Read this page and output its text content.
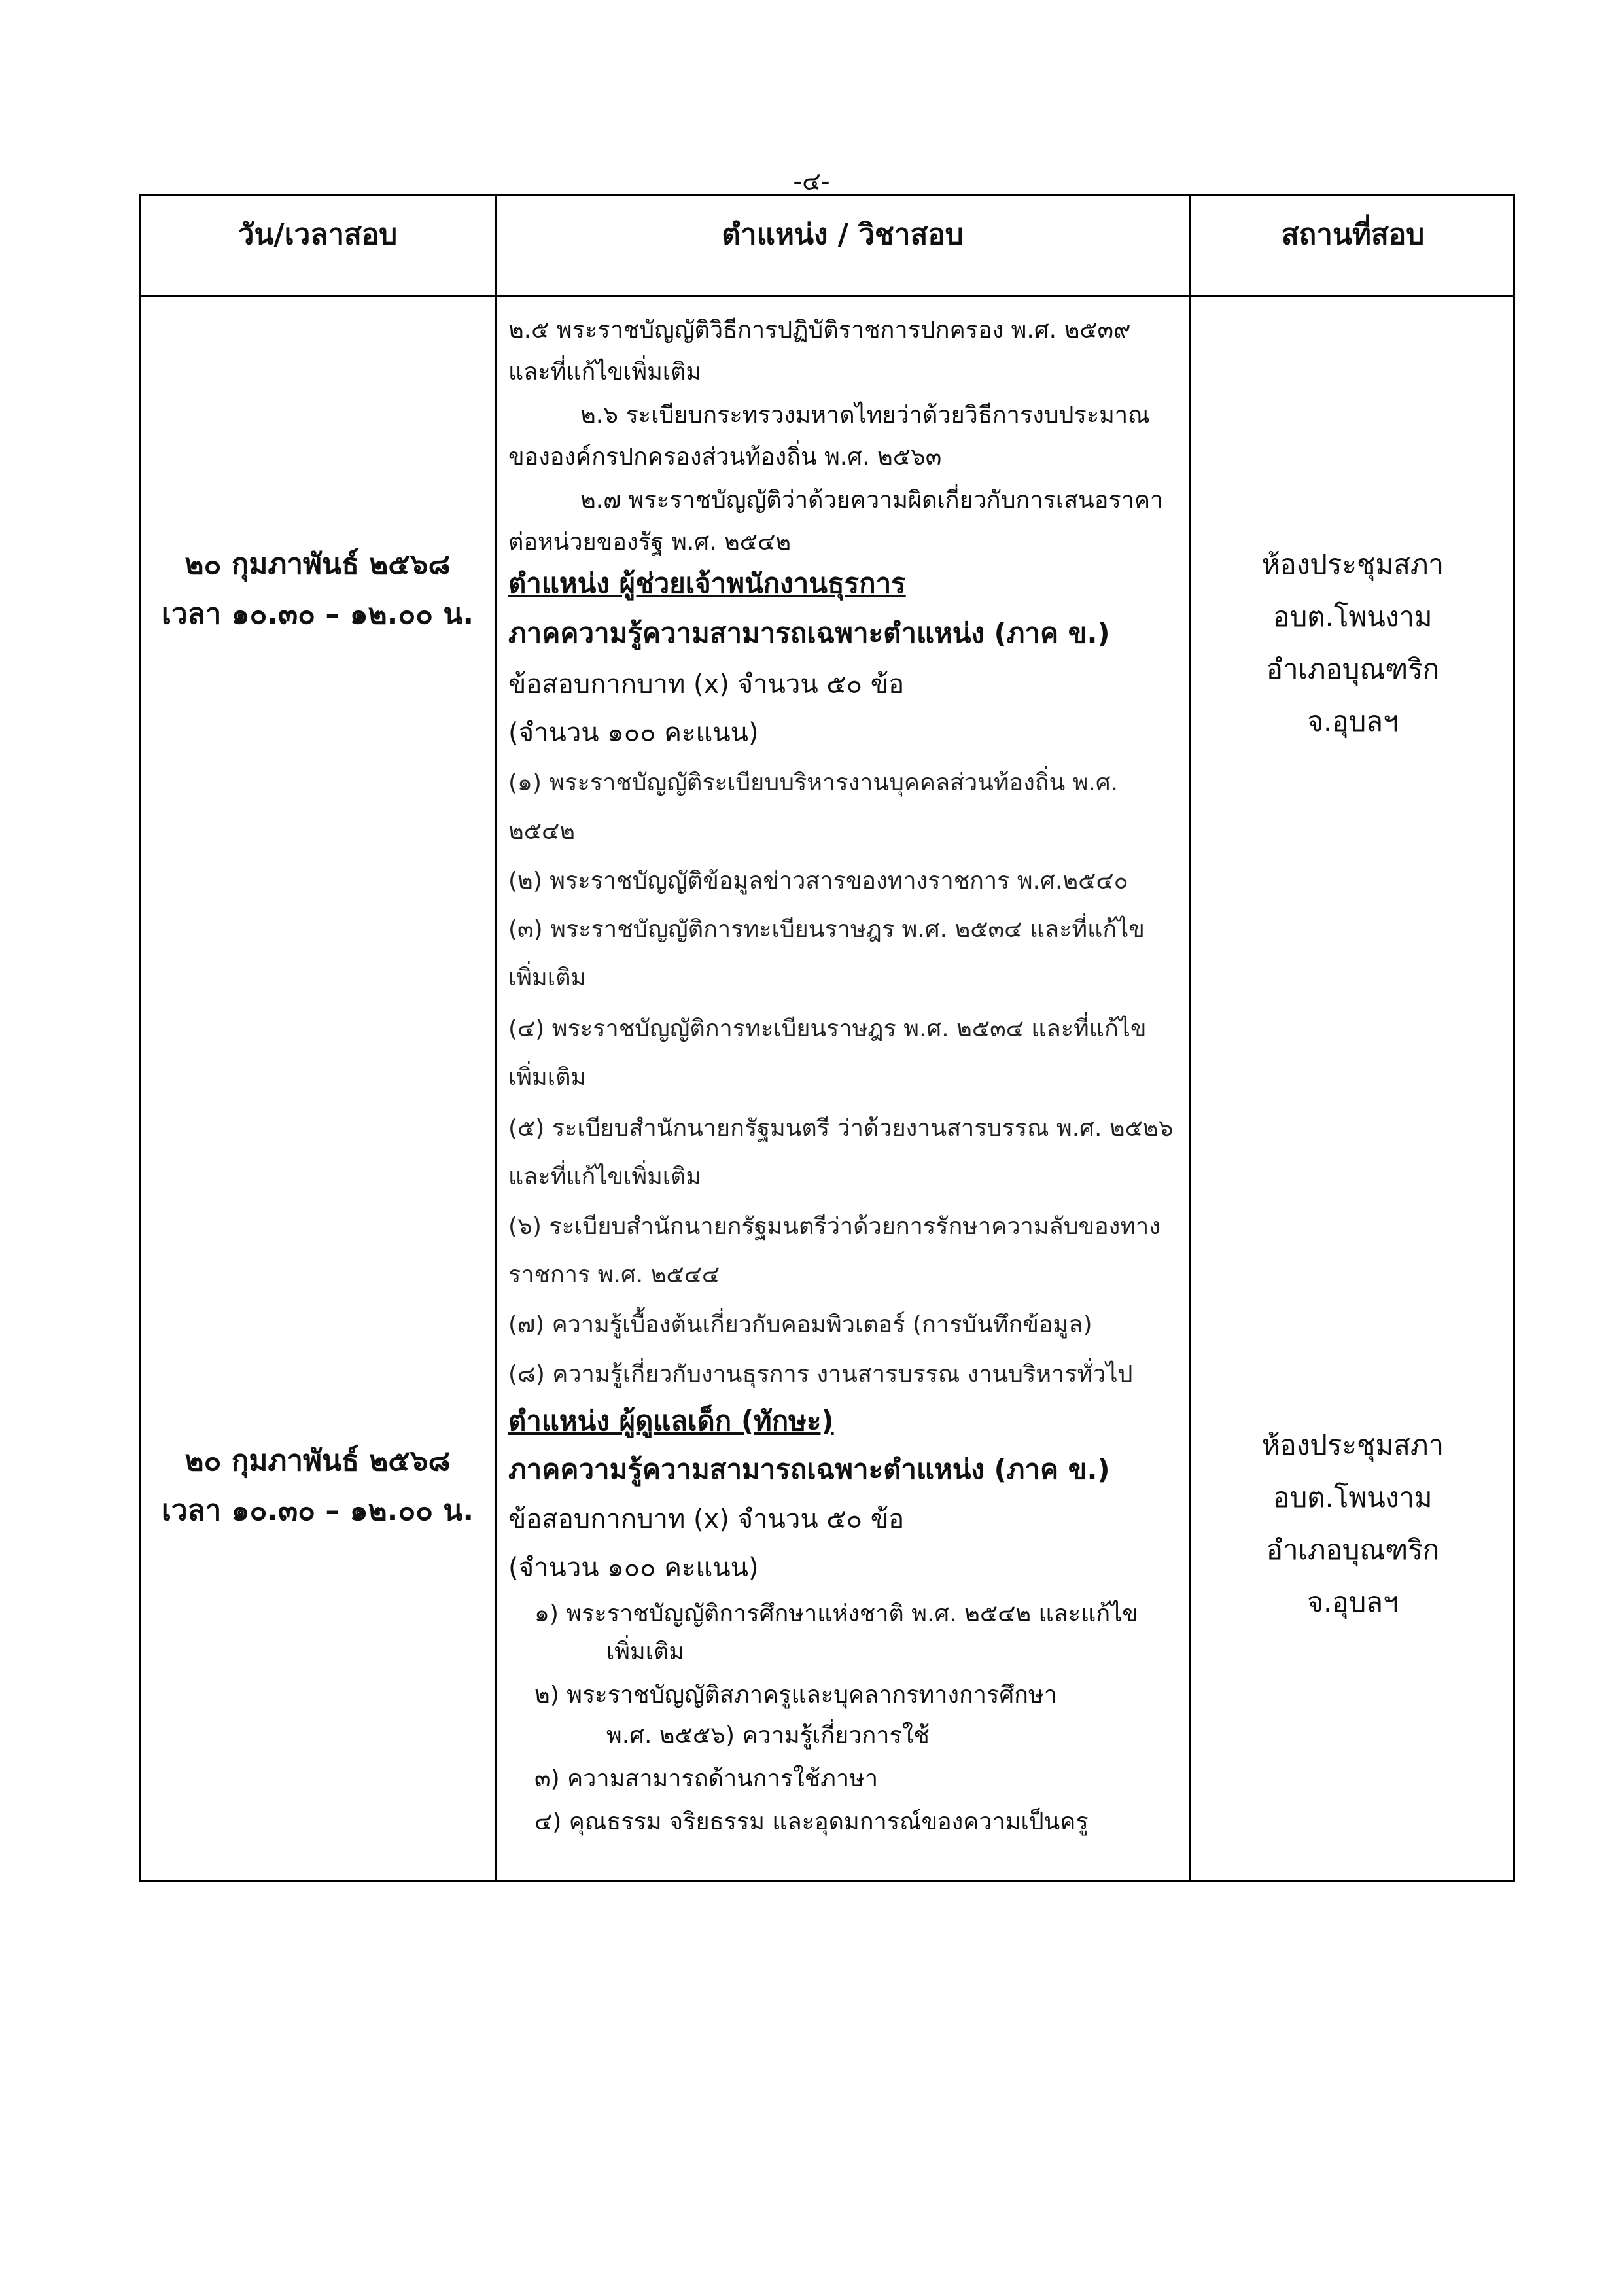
-๔-
วัน/เวลาสอบ	ตำแหน่ง / วิชาสอบ	สถานที่สอบ
๒๐ กุมภาพันธ์ ๒๕๖๘
เวลา ๑๐.๓๐ – ๑๒.๐๐ น.
ห้องประชุมสภา
อบต.โพนงาม
อำเภอบุณฑริก
จ.อุบลฯ
๒๐ กุมภาพันธ์ ๒๕๖๘
เวลา ๑๐.๓๐ – ๑๒.๐๐ น.
ห้องประชุมสภา
อบต.โพนงาม
อำเภอบุณฑริก
จ.อุบลฯ
๒.๕ พระราชบัญญัติวิธีการปฏิบัติราชการปกครอง พ.ศ. ๒๕๓๙
และที่แก้ไขเพิ่มเติม
๒.๖ ระเบียบกระทรวงมหาดไทยว่าด้วยวิธีการงบประมาณ
ขององค์กรปกครองส่วนท้องถิ่น พ.ศ. ๒๕๖๓
๒.๗ พระราชบัญญัติว่าด้วยความผิดเกี่ยวกับการเสนอราคา
ต่อหน่วยของรัฐ พ.ศ. ๒๕๔๒
ตำแหน่ง ผู้ช่วยเจ้าพนักงานธุรการ
ภาคความรู้ความสามารถเฉพาะตำแหน่ง (ภาค ข.)
ข้อสอบกากบาท (x) จำนวน ๕๐ ข้อ
(จำนวน ๑๐๐ คะแนน)
(๑) พระราชบัญญัติระเบียบบริหารงานบุคคลส่วนท้องถิ่น พ.ศ.
๒๕๔๒
(๒) พระราชบัญญัติข้อมูลข่าวสารของทางราชการ พ.ศ.๒๕๔๐
(๓) พระราชบัญญัติการทะเบียนราษฎร พ.ศ. ๒๕๓๔ และที่แก้ไข
เพิ่มเติม
(๔) พระราชบัญญัติการทะเบียนราษฎร พ.ศ. ๒๕๓๔ และที่แก้ไข
เพิ่มเติม
(๕) ระเบียบสำนักนายกรัฐมนตรี ว่าด้วยงานสารบรรณ พ.ศ. ๒๕๒๖
และที่แก้ไขเพิ่มเติม
(๖) ระเบียบสำนักนายกรัฐมนตรีว่าด้วยการรักษาความลับของทาง
ราชการ พ.ศ. ๒๕๔๔
(๗) ความรู้เบื้องต้นเกี่ยวกับคอมพิวเตอร์ (การบันทึกข้อมูล)
(๘) ความรู้เกี่ยวกับงานธุรการ งานสารบรรณ งานบริหารทั่วไป
ตำแหน่ง ผู้ดูแลเด็ก (ทักษะ)
ภาคความรู้ความสามารถเฉพาะตำแหน่ง (ภาค ข.)
ข้อสอบกากบาท (x) จำนวน ๕๐ ข้อ
(จำนวน ๑๐๐ คะแนน)
๑) พระราชบัญญัติการศึกษาแห่งชาติ พ.ศ. ๒๕๔๒ และแก้ไข
เพิ่มเติม
๒) พระราชบัญญัติสภาครูและบุคลากรทางการศึกษา
พ.ศ. ๒๕๕๖) ความรู้เกี่ยวการใช้
๓) ความสามารถด้านการใช้ภาษา
๔) คุณธรรม จริยธรรม และอุดมการณ์ของความเป็นครู
